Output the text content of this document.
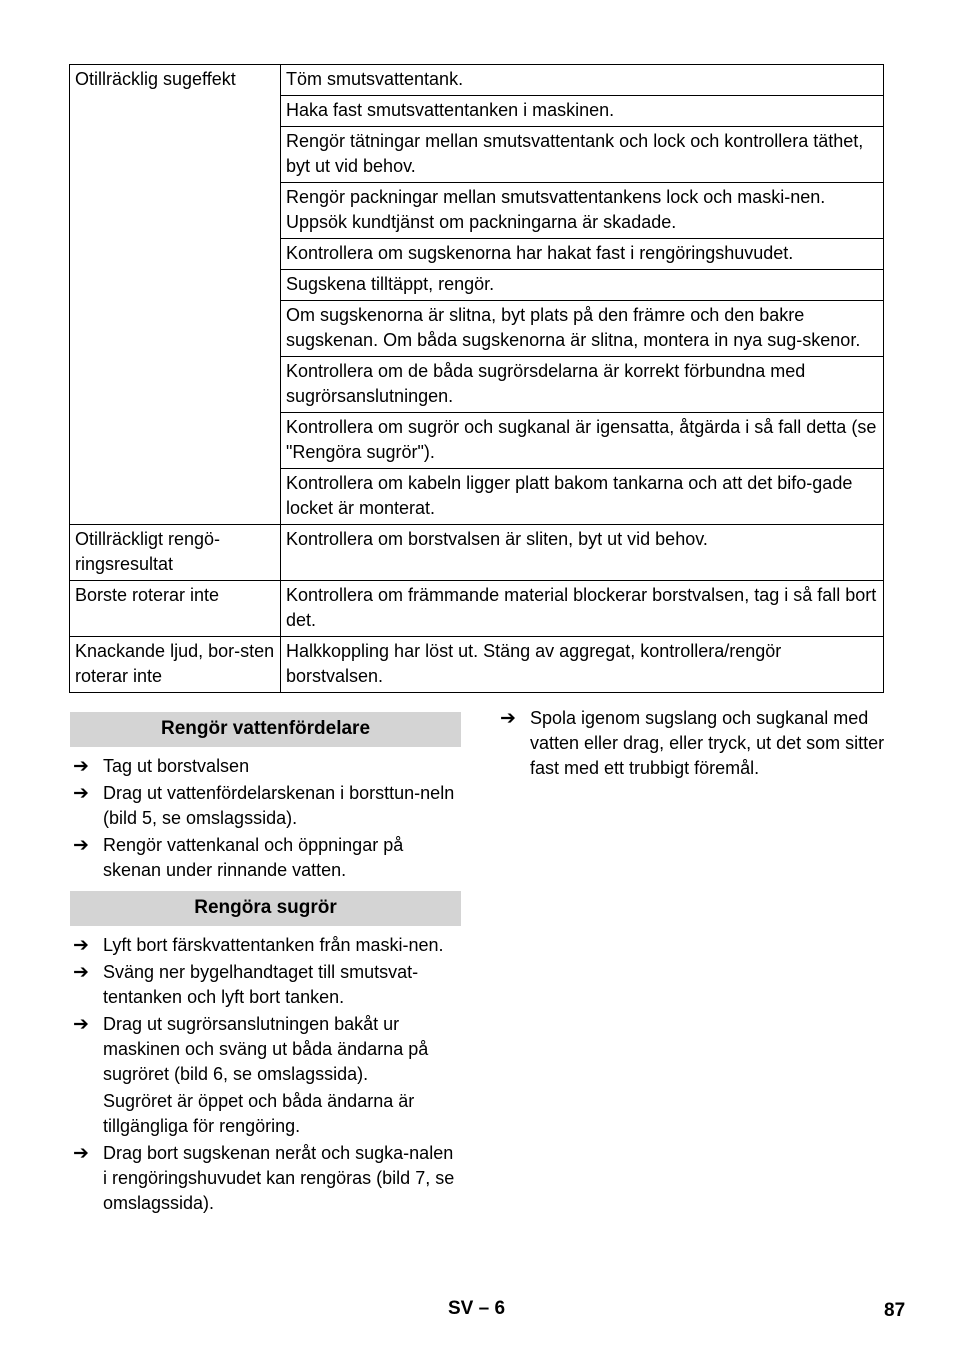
Otillräcklig sugeffekt	Töm smutsvattentank.
	Haka fast smutsvattentanken i maskinen.
	Rengör tätningar mellan smutsvattentank och lock och kontrollera täthet, byt ut vid behov.
	Rengör packningar mellan smutsvattentankens lock och maski-nen. Uppsök kundtjänst om packningarna är skadade.
	Kontrollera om sugskenorna har hakat fast i rengöringshuvudet.
	Sugskena tilltäppt, rengör.
	Om sugskenorna är slitna, byt plats på den främre och den bakre sugskenan. Om båda sugskenorna är slitna, montera in nya sug-skenor.
	Kontrollera om de båda sugrörsdelarna är korrekt förbundna med sugrörsanslutningen.
	Kontrollera om sugrör och sugkanal är igensatta, åtgärda i så fall detta (se "Rengöra sugrör").
	Kontrollera om kabeln ligger platt bakom tankarna och att det bifo-gade locket är monterat.
Otillräckligt rengö-ringsresultat	Kontrollera om borstvalsen är sliten, byt ut vid behov.
Borste roterar inte	Kontrollera om främmande material blockerar borstvalsen, tag i så fall bort det.
Knackande ljud, bor-sten roterar inte	Halkkoppling har löst ut. Stäng av aggregat, kontrollera/rengör borstvalsen.
Rengör vattenfördelare
➔ Tag ut borstvalsen
➔ Drag ut vattenfördelarskenan i borsttun-neln (bild 5, se omslagssida).
➔ Rengör vattenkanal och öppningar på skenan under rinnande vatten.
Rengöra sugrör
➔ Lyft bort färskvattentanken från maski-nen.
➔ Sväng ner bygelhandtaget till smutsvat-tentanken och lyft bort tanken.
➔ Drag ut sugrörsanslutningen bakåt ur maskinen och sväng ut båda ändarna på sugröret (bild 6, se omslagssida).
Sugröret är öppet och båda ändarna är tillgängliga för rengöring.
➔ Drag bort sugskenan neråt och sugka-nalen i rengöringshuvudet kan rengöras (bild 7, se omslagssida).
➔ Spola igenom sugslang och sugkanal med vatten eller drag, eller tryck, ut det som sitter fast med ett trubbigt föremål.
SV – 6	87
